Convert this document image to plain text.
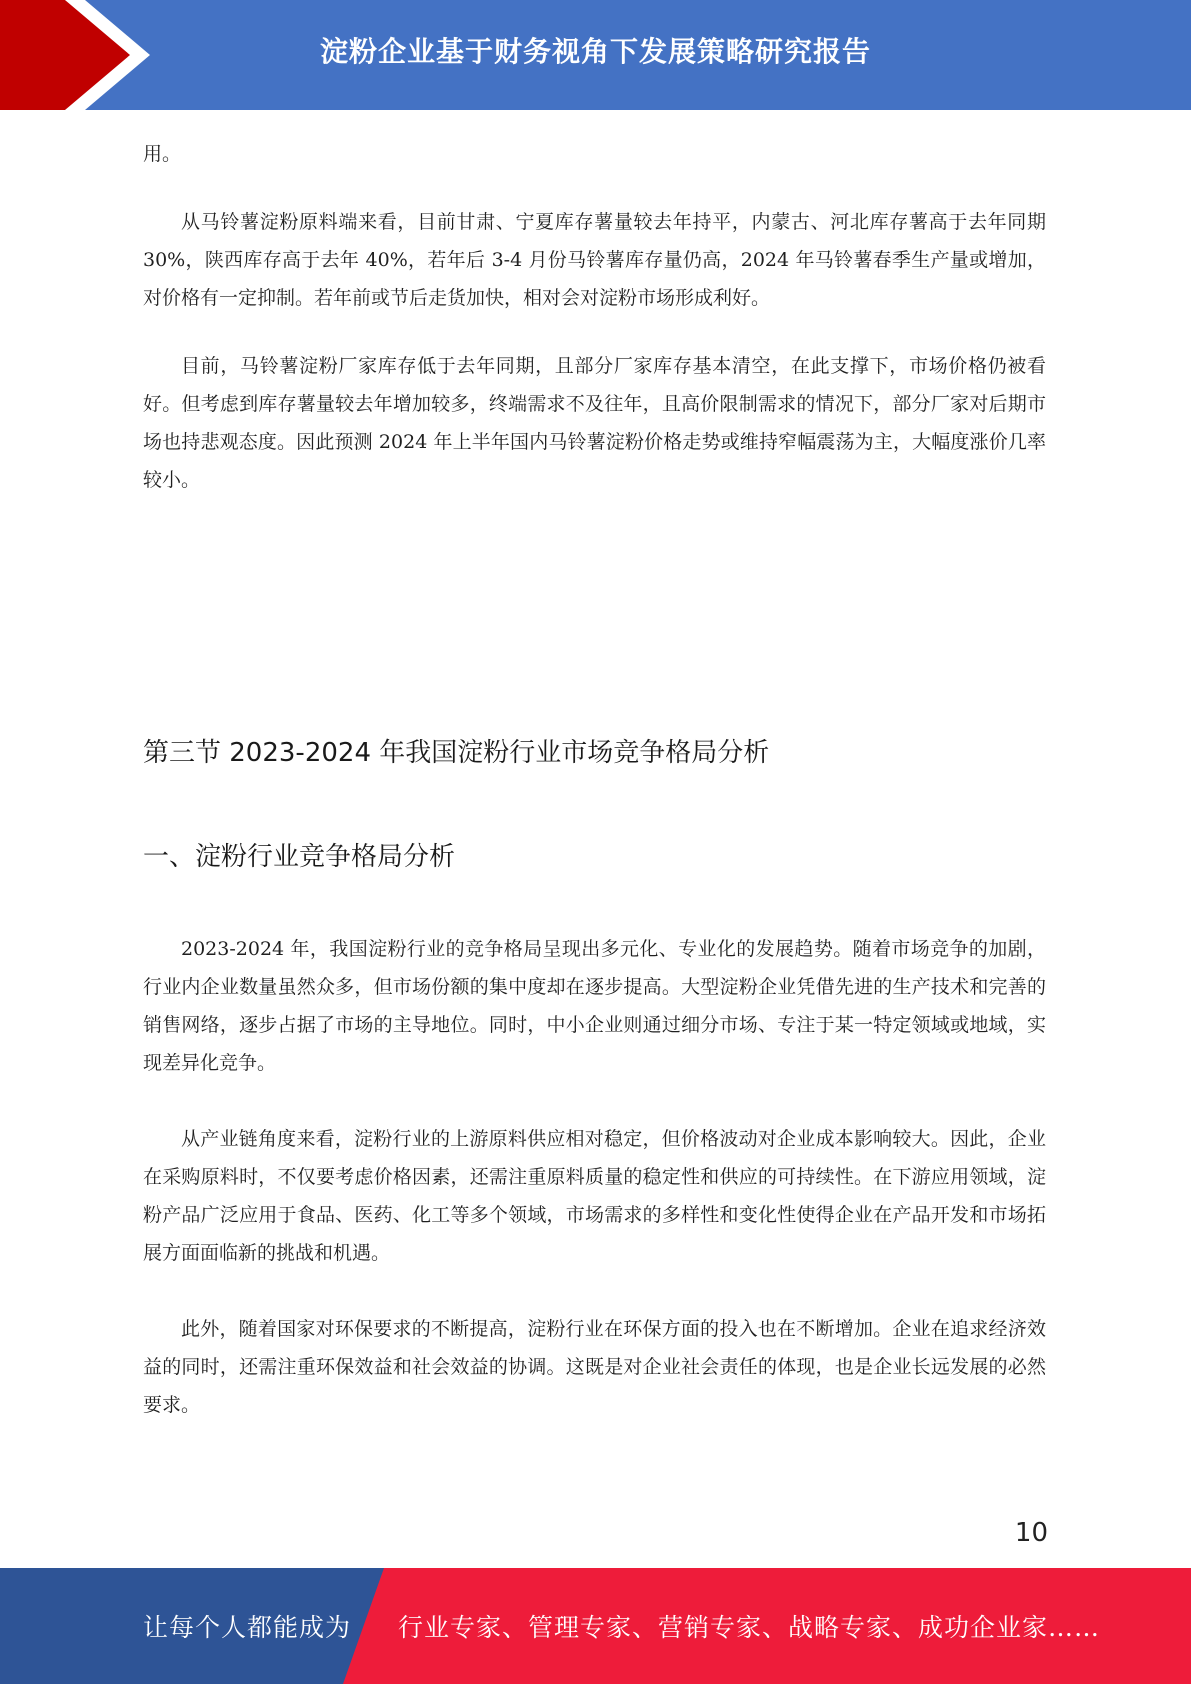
淀粉企业基于财务视角下发展策略研究报告

用。

从马铃薯淀粉原料端来看，目前甘肃、宁夏库存薯量较去年持平，内蒙古、河北库存薯高于去年同期 30%，陕西库存高于去年 40%，若年后 3-4 月份马铃薯库存量仍高，2024 年马铃薯春季生产量或增加，对价格有一定抑制。若年前或节后走货加快，相对会对淀粉市场形成利好。

目前，马铃薯淀粉厂家库存低于去年同期，且部分厂家库存基本清空，在此支撑下，市场价格仍被看好。但考虑到库存薯量较去年增加较多，终端需求不及往年，且高价限制需求的情况下，部分厂家对后期市场也持悲观态度。因此预测 2024 年上半年国内马铃薯淀粉价格走势或维持窄幅震荡为主，大幅度涨价几率较小。

第三节 2023-2024 年我国淀粉行业市场竞争格局分析
一、淀粉行业竞争格局分析

2023-2024 年，我国淀粉行业的竞争格局呈现出多元化、专业化的发展趋势。随着市场竞争的加剧，行业内企业数量虽然众多，但市场份额的集中度却在逐步提高。大型淀粉企业凭借先进的生产技术和完善的销售网络，逐步占据了市场的主导地位。同时，中小企业则通过细分市场、专注于某一特定领域或地域，实现差异化竞争。

从产业链角度来看，淀粉行业的上游原料供应相对稳定，但价格波动对企业成本影响较大。因此，企业在采购原料时，不仅要考虑价格因素，还需注重原料质量的稳定性和供应的可持续性。在下游应用领域，淀粉产品广泛应用于食品、医药、化工等多个领域，市场需求的多样性和变化性使得企业在产品开发和市场拓展方面面临新的挑战和机遇。

此外，随着国家对环保要求的不断提高，淀粉行业在环保方面的投入也在不断增加。企业在追求经济效益的同时，还需注重环保效益和社会效益的协调。这既是对企业社会责任的体现，也是企业长远发展的必然要求。

10
让每个人都能成为 行业专家、管理专家、营销专家、战略专家、成功企业家……
